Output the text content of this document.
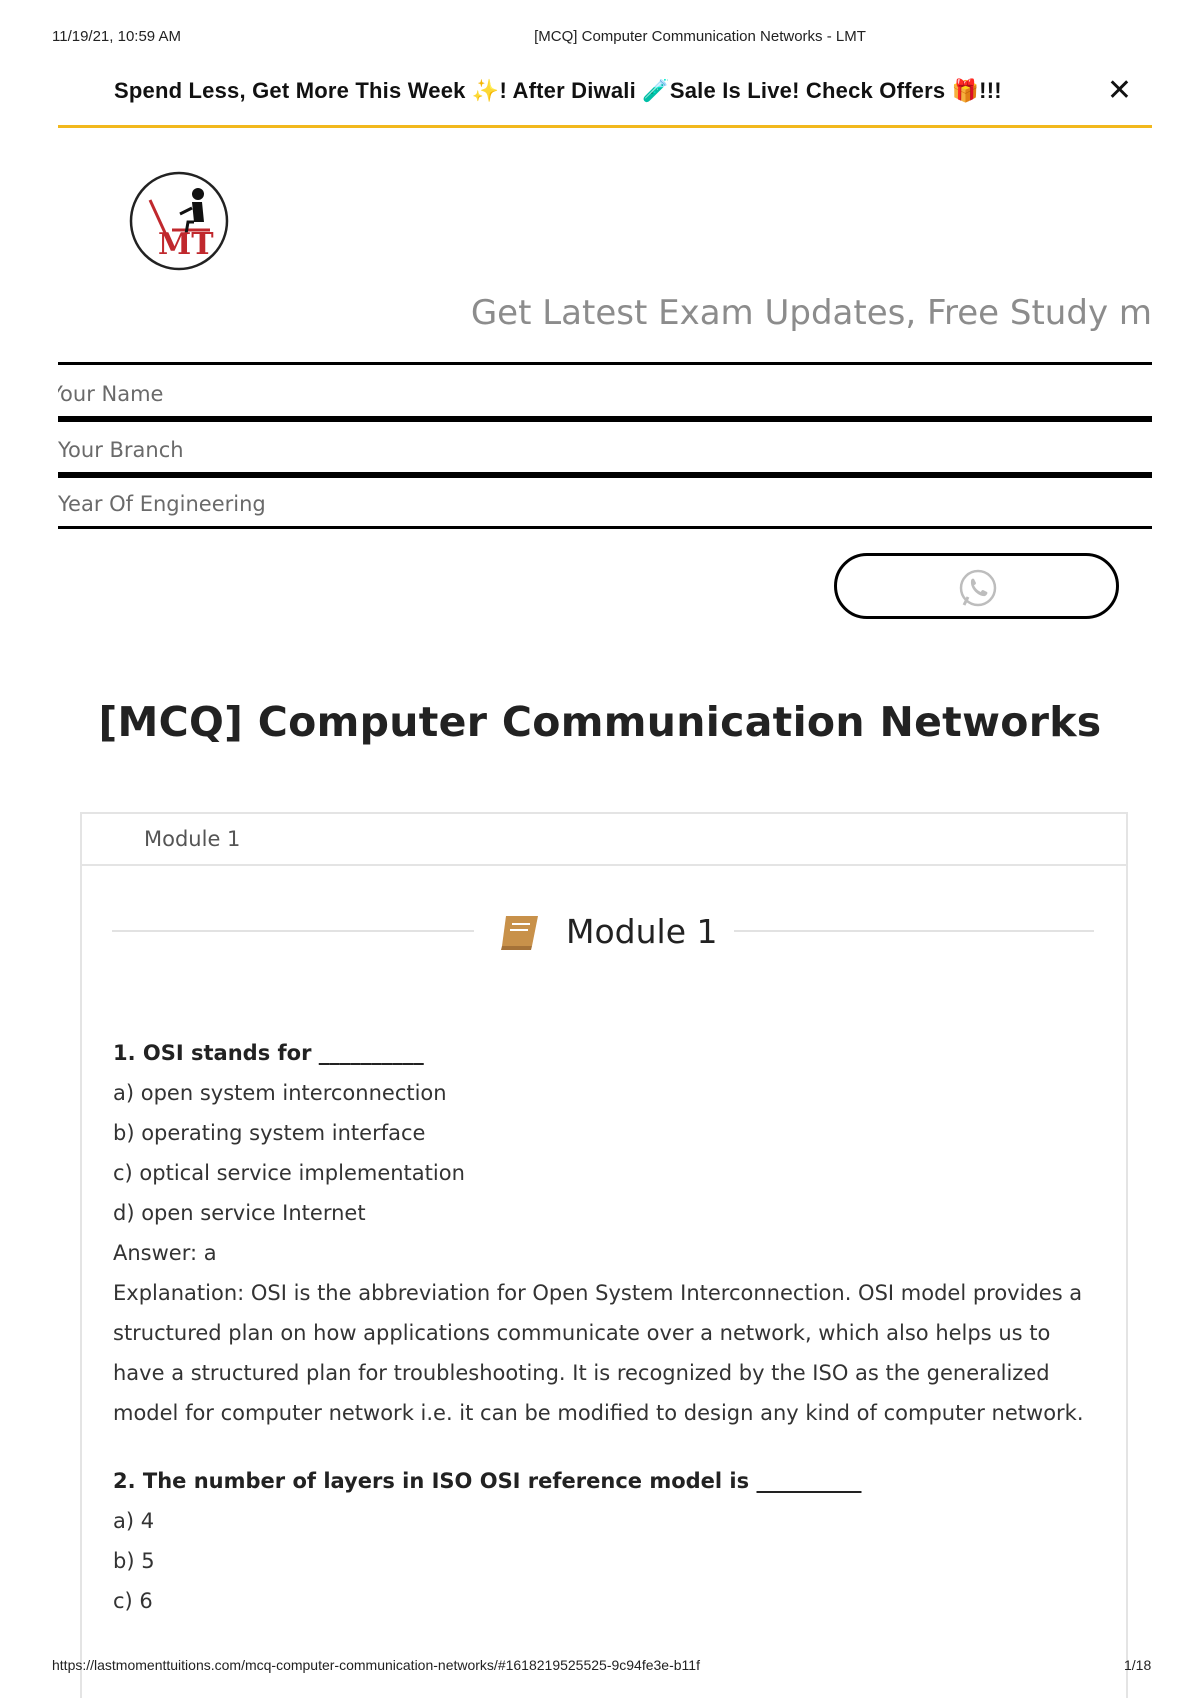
11/19/21, 10:59 AM	[MCQ] Computer Communication Networks - LMT
Spend Less, Get More This Week ✨! After Diwali 🧪Sale Is Live! Check Offers 🎁!!!	✕
MT
Get Latest Exam Updates, Free Study m
Your Name
Your Branch
Year Of Engineering
[MCQ] Computer Communication Networks
Module 1
Module 1
1. OSI stands for __________
a) open system interconnection
b) operating system interface
c) optical service implementation
d) open service Internet
Answer: a
Explanation: OSI is the abbreviation for Open System Interconnection. OSI model provides a
structured plan on how applications communicate over a network, which also helps us to
have a structured plan for troubleshooting. It is recognized by the ISO as the generalized
model for computer network i.e. it can be modified to design any kind of computer network.
2. The number of layers in ISO OSI reference model is __________
a) 4
b) 5
c) 6
https://lastmomenttuitions.com/mcq-computer-communication-networks/#1618219525525-9c94fe3e-b11f	1/18
